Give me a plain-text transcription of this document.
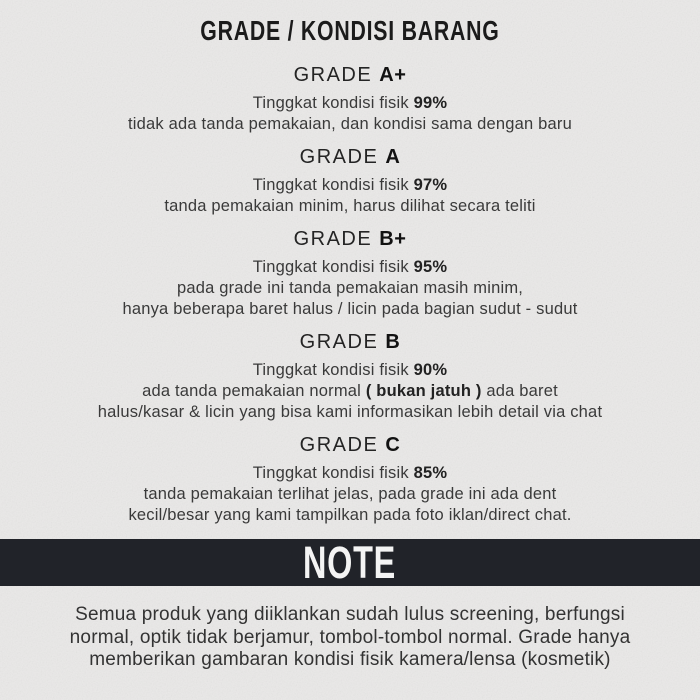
GRADE / KONDISI BARANG
GRADE A+
Tinggkat kondisi fisik 99%
tidak ada tanda pemakaian, dan kondisi sama dengan baru
GRADE A
Tinggkat kondisi fisik 97%
tanda pemakaian minim, harus dilihat secara teliti
GRADE B+
Tinggkat kondisi fisik 95%
pada grade ini tanda pemakaian masih minim,
hanya beberapa baret halus / licin pada bagian sudut - sudut
GRADE B
Tinggkat kondisi fisik 90%
ada tanda pemakaian normal ( bukan jatuh ) ada baret
halus/kasar & licin yang bisa kami informasikan lebih detail via chat
GRADE C
Tinggkat kondisi fisik 85%
tanda pemakaian terlihat jelas, pada grade ini ada dent
kecil/besar yang kami tampilkan pada foto iklan/direct chat.
NOTE
Semua produk yang diiklankan sudah lulus screening, berfungsi
normal, optik tidak berjamur, tombol-tombol normal. Grade hanya
memberikan gambaran kondisi fisik kamera/lensa (kosmetik)
